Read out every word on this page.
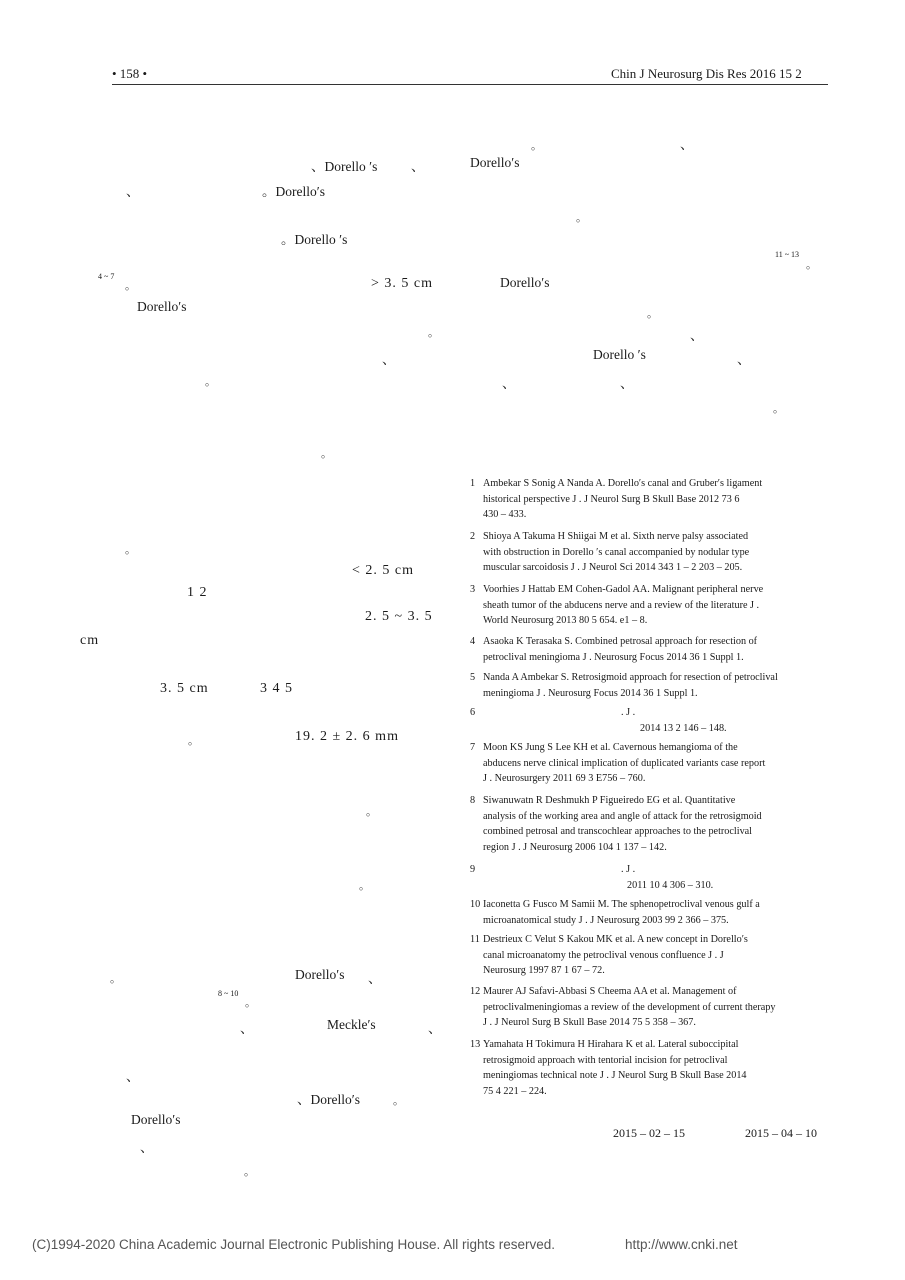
• 158 •	Chin J Neurosurg Dis Res 2016 15 2
、Dorello ′s 、
、	。Dorello′s
。Dorello ′s
4 ~ 7
。	> 3. 5 cm
Dorello′s
。
、
。
。
。
< 2. 5 cm
1 2
2. 5 ~ 3. 5
cm
3. 5 cm	3 4 5
。	19. 2 ± 2. 6 mm
。
。
。	Dorello′s 、
8 ~ 10
。
、	Meckle′s	、
、
、Dorello′s	。
Dorello′s
、
。
。	、
Dorello′s
。
11 ~ 13
。
Dorello′s
。
、
Dorello ′s	、
、	、
。
1 Ambekar S Sonig A Nanda A. Dorello′s canal and Gruber′s ligament
historical perspective J . J Neurol Surg B Skull Base 2012 73 6
430 – 433.
2 Shioya A Takuma H Shiigai M et al. Sixth nerve palsy associated
with obstruction in Dorello ′s canal accompanied by nodular type
muscular sarcoidosis J . J Neurol Sci 2014 343 1 – 2 203 – 205.
3 Voorhies J Hattab EM Cohen-Gadol AA. Malignant peripheral nerve
sheath tumor of the abducens nerve and a review of the literature J .
World Neurosurg 2013 80 5 654. e1 – 8.
4 Asaoka K Terasaka S. Combined petrosal approach for resection of
petroclival meningioma J . Neurosurg Focus 2014 36 1 Suppl 1.
5 Nanda A Ambekar S. Retrosigmoid approach for resection of petroclival
meningioma J . Neurosurg Focus 2014 36 1 Suppl 1.
6	. J .
2014 13 2 146 – 148.
7 Moon KS Jung S Lee KH et al. Cavernous hemangioma of the
abducens nerve clinical implication of duplicated variants case report
J . Neurosurgery 2011 69 3 E756 – 760.
8 Siwanuwatn R Deshmukh P Figueiredo EG et al. Quantitative
analysis of the working area and angle of attack for the retrosigmoid
combined petrosal and transcochlear approaches to the petroclival
region J . J Neurosurg 2006 104 1 137 – 142.
9	. J .
2011 10 4 306 – 310.
10 Iaconetta G Fusco M Samii M. The sphenopetroclival venous gulf a
microanatomical study J . J Neurosurg 2003 99 2 366 – 375.
11 Destrieux C Velut S Kakou MK et al. A new concept in Dorello′s
canal microanatomy the petroclival venous confluence J . J
Neurosurg 1997 87 1 67 – 72.
12 Maurer AJ Safavi-Abbasi S Cheema AA et al. Management of
petroclivalmeningiomas a review of the development of current therapy
J . J Neurol Surg B Skull Base 2014 75 5 358 – 367.
13 Yamahata H Tokimura H Hirahara K et al. Lateral suboccipital
retrosigmoid approach with tentorial incision for petroclival
meningiomas technical note J . J Neurol Surg B Skull Base 2014
75 4 221 – 224.
2015 – 02 – 15	2015 – 04 – 10
(C)1994-2020 China Academic Journal Electronic Publishing House. All rights reserved.	http://www.cnki.net
